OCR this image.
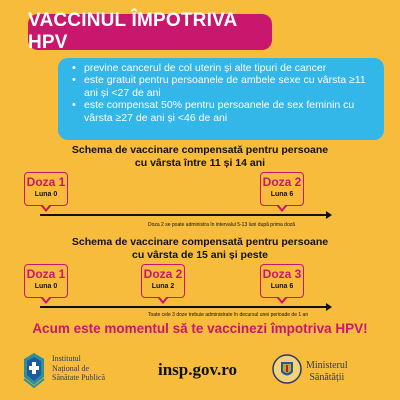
VACCINUL ÎMPOTRIVA HPV
• previne cancerul de col uterin și alte tipuri de cancer
• este gratuit pentru persoanele de ambele sexe cu vârsta ≥11 ani și <27 de ani
• este compensat 50% pentru persoanele de sex feminin cu vârsta ≥27 de ani și <46 de ani
Schema de vaccinare compensată pentru persoane
cu vârsta între 11 și 14 ani
Doza 1
Luna 0
Doza 2
Luna 6
Doza 2 se poate administra în intervalul 5-13 luni după prima doză
Schema de vaccinare compensată pentru persoane
cu vârsta de 15 ani și peste
Doza 1
Luna 0
Doza 2
Luna 2
Doza 3
Luna 6
Toate cele 3 doze trebuie administrate în decursul unei perioade de 1 an
Acum este momentul să te vaccinezi împotriva HPV!
Institutul
Național de
Sănătate Publică	insp.gov.ro	Ministerul
Sănătății
